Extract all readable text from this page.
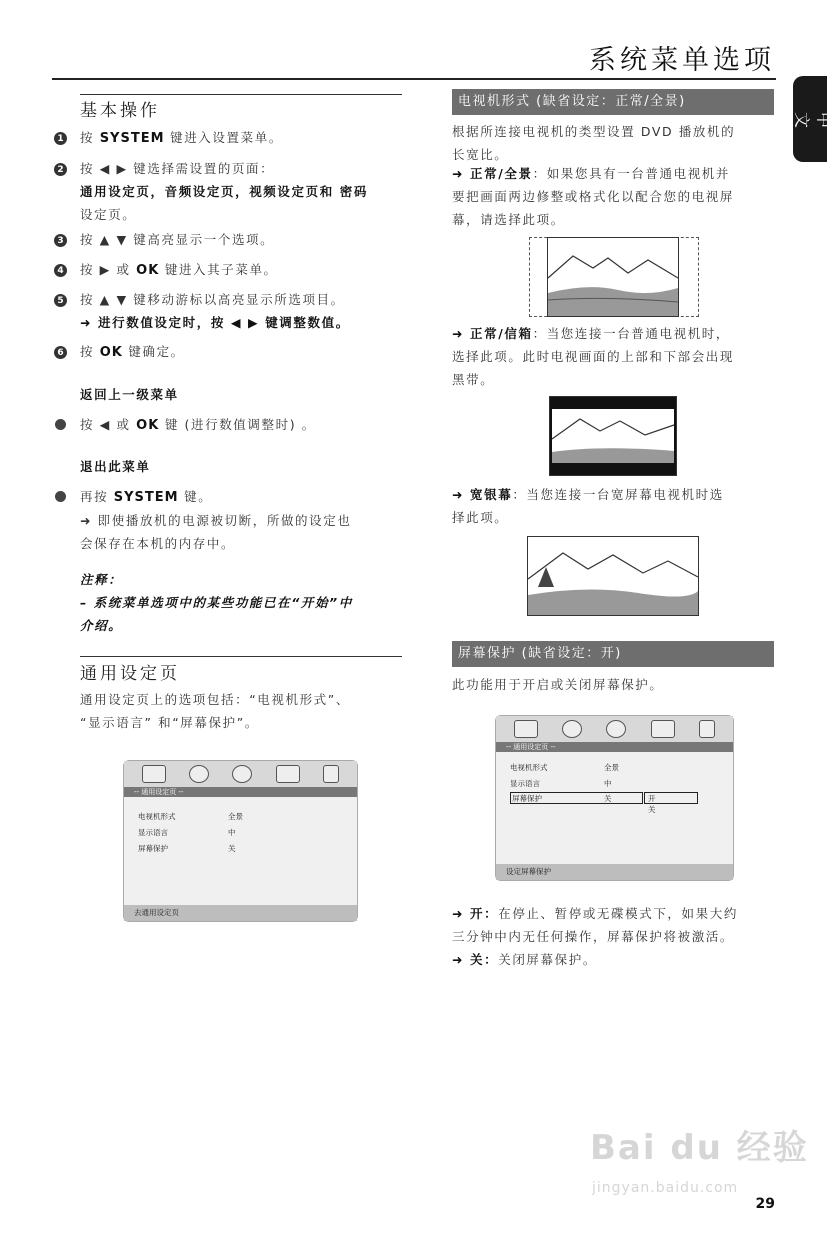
系统菜单选项
中文
基本操作
1 按 SYSTEM 键进入设置菜单。
2 按 ◀ ▶ 键选择需设置的页面：
通用设定页，音频设定页，视频设定页和 密码
设定页。
3 按 ▲ ▼ 键高亮显示一个选项。
4 按 ▶ 或 OK 键进入其子菜单。
5 按 ▲ ▼ 键移动游标以高亮显示所选项目。
➜ 进行数值设定时，按 ◀ ▶ 键调整数值。
6 按 OK 键确定。
返回上一级菜单
按 ◀ 或 OK 键 (进行数值调整时) 。
退出此菜单
再按 SYSTEM 键。
➜ 即使播放机的电源被切断，所做的设定也
会保存在本机的内存中。
注释：
– 系统菜单选项中的某些功能已在“开始”中
介绍。
通用设定页
通用设定页上的选项包括：“电视机形式”、
“显示语言” 和“屏幕保护”。
-- 通用设定页 --
电视机形式	全景
显示语言	中
屏幕保护	关
去通用设定页
电视机形式 (缺省设定：正常/全景)
根据所连接电视机的类型设置 DVD 播放机的
长宽比。
➜ 正常/全景：如果您具有一台普通电视机并
要把画面两边修整或格式化以配合您的电视屏
幕，请选择此项。
➜ 正常/信箱：当您连接一台普通电视机时，
选择此项。此时电视画面的上部和下部会出现
黑带。
➜ 宽银幕：当您连接一台宽屏幕电视机时选
择此项。
屏幕保护 (缺省设定：开)
此功能用于开启或关闭屏幕保护。
-- 通用设定页 --
电视机形式	全景
显示语言	中
屏幕保护	关	开
关
设定屏幕保护
➜ 开：在停止、暂停或无碟模式下，如果大约
三分钟中内无任何操作，屏幕保护将被激活。
➜ 关：关闭屏幕保护。
Bai du 经验
jingyan.baidu.com
29
